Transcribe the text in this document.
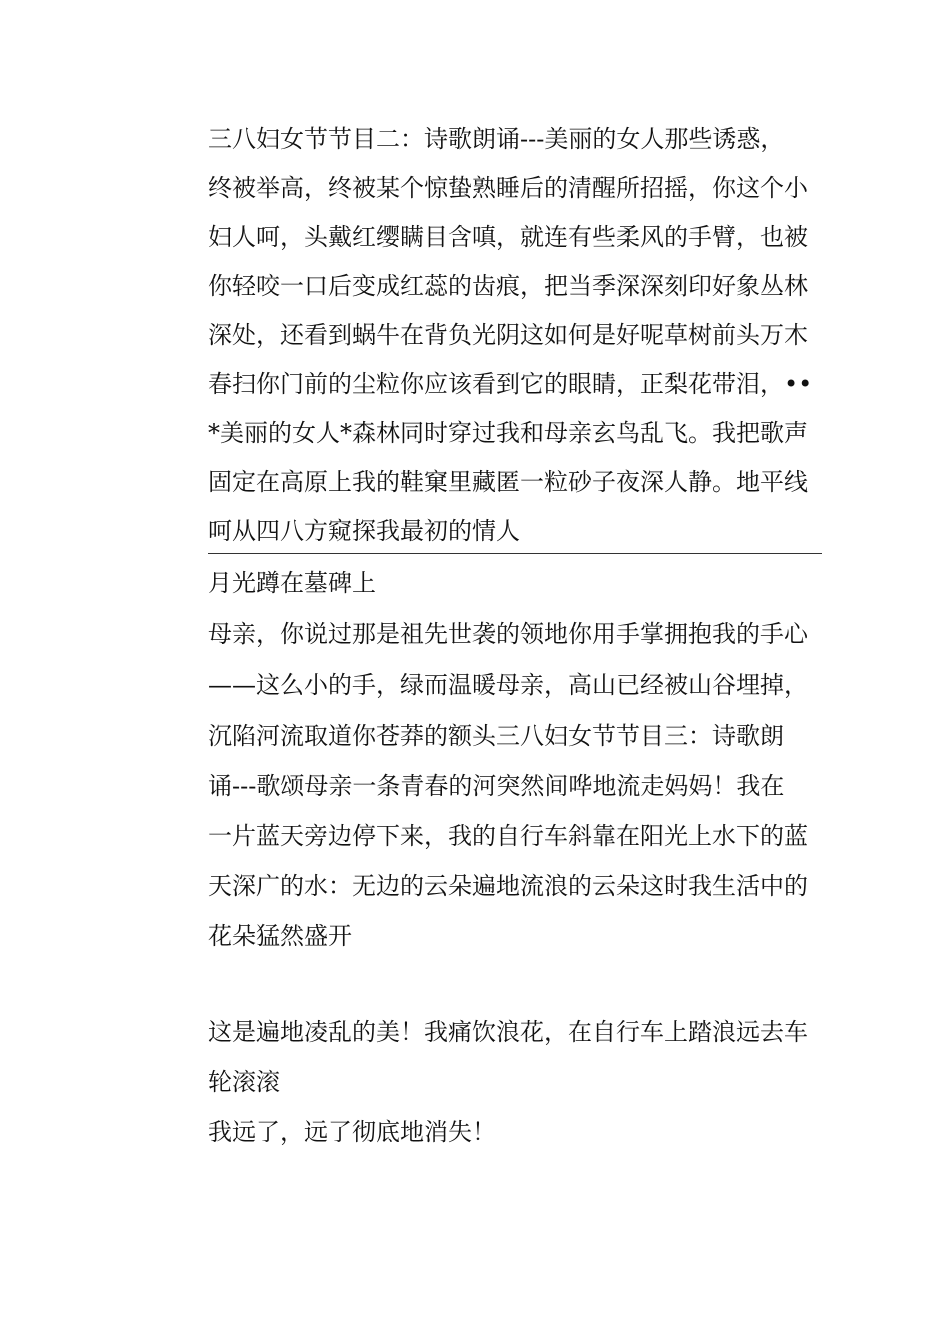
三八妇女节节目二：诗歌朗诵---美丽的女人那些诱惑，
终被举高，终被某个惊蛰熟睡后的清醒所招摇，你这个小
妇人呵，头戴红缨瞒目含嗔，就连有些柔风的手臂，也被
你轻咬一口后变成红蕊的齿痕，把当季深深刻印好象丛林
深处，还看到蜗牛在背负光阴这如何是好呢草树前头万木
春扫你门前的尘粒你应该看到它的眼睛，正梨花带泪，••
*美丽的女人*森林同时穿过我和母亲玄鸟乱飞。我把歌声
固定在高原上我的鞋窠里藏匿一粒砂子夜深人静。地平线
呵从四八方窥探我最初的情人
月光蹲在墓碑上
母亲，你说过那是祖先世袭的领地你用手掌拥抱我的手心
——这么小的手，绿而温暖母亲，高山已经被山谷埋掉，
沉陷河流取道你苍莽的额头三八妇女节节目三：诗歌朗
诵---歌颂母亲一条青春的河突然间哗地流走妈妈！我在
一片蓝天旁边停下来，我的自行车斜靠在阳光上水下的蓝
天深广的水：无边的云朵遍地流浪的云朵这时我生活中的
花朵猛然盛开
这是遍地凌乱的美！我痛饮浪花，在自行车上踏浪远去车
轮滚滚
我远了，远了彻底地消失！
